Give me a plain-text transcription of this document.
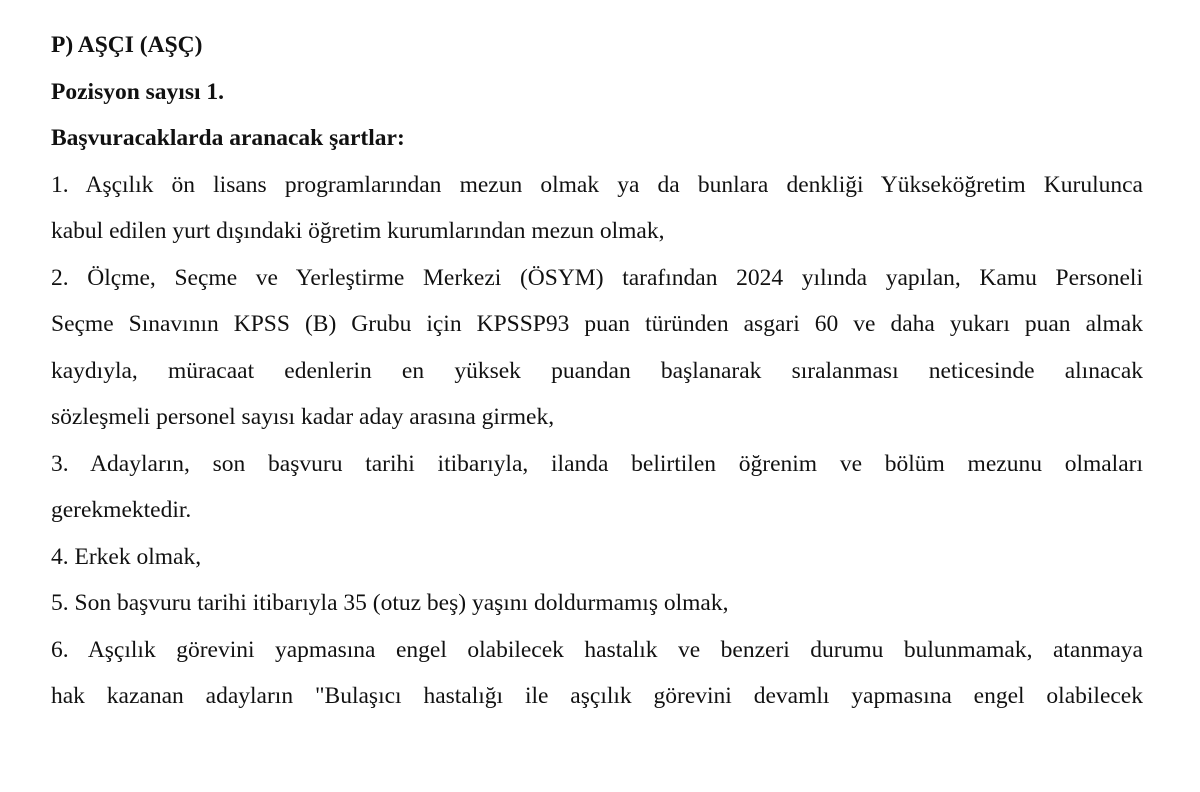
P) AŞÇI (AŞÇ)
Pozisyon sayısı 1.
Başvuracaklarda aranacak şartlar:
1. Aşçılık ön lisans programlarından mezun olmak ya da bunlara denkliği Yükseköğretim Kurulunca
kabul edilen yurt dışındaki öğretim kurumlarından mezun olmak,
2. Ölçme, Seçme ve Yerleştirme Merkezi (ÖSYM) tarafından 2024 yılında yapılan, Kamu Personeli
Seçme Sınavının KPSS (B) Grubu için KPSSP93 puan türünden asgari 60 ve daha yukarı puan almak
kaydıyla, müracaat edenlerin en yüksek puandan başlanarak sıralanması neticesinde alınacak
sözleşmeli personel sayısı kadar aday arasına girmek,
3. Adayların, son başvuru tarihi itibarıyla, ilanda belirtilen öğrenim ve bölüm mezunu olmaları
gerekmektedir.
4. Erkek olmak,
5. Son başvuru tarihi itibarıyla 35 (otuz beş) yaşını doldurmamış olmak,
6. Aşçılık görevini yapmasına engel olabilecek hastalık ve benzeri durumu bulunmamak, atanmaya
hak kazanan adayların "Bulaşıcı hastalığı ile aşçılık görevini devamlı yapmasına engel olabilecek
